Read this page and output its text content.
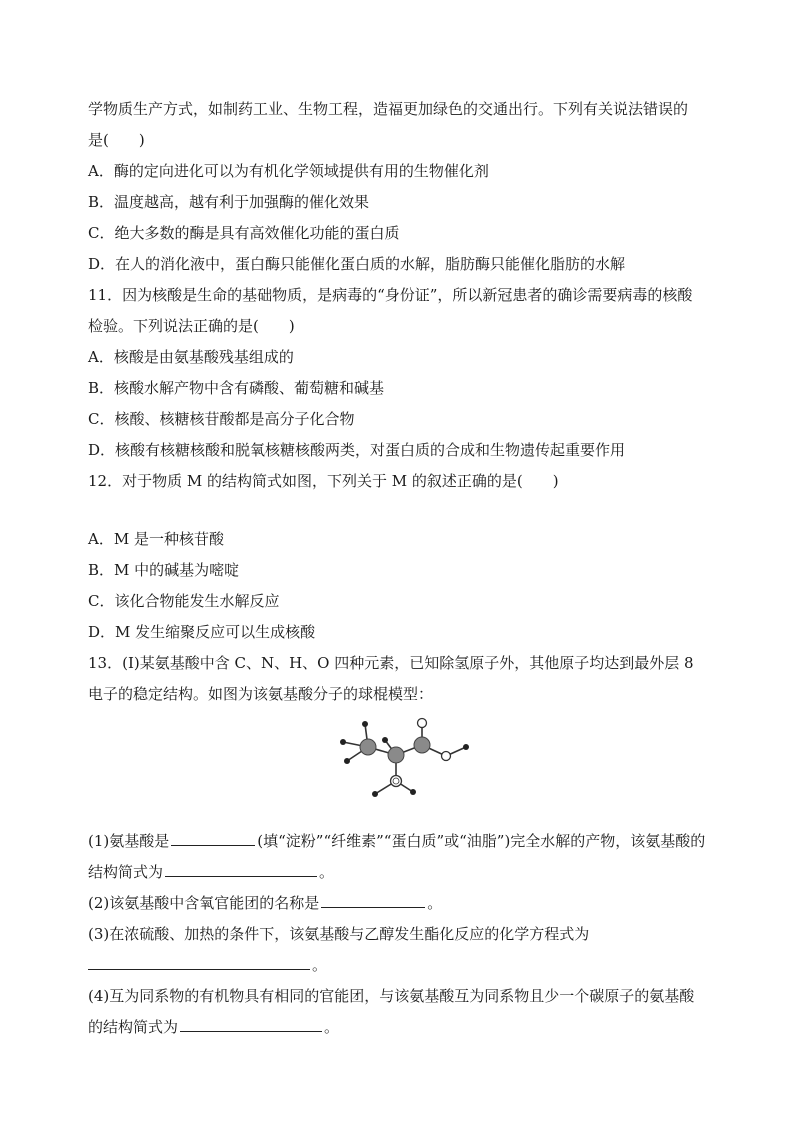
学物质生产方式，如制药工业、生物工程，造福更加绿色的交通出行。下列有关说法错误的
是(　　)
A．酶的定向进化可以为有机化学领域提供有用的生物催化剂
B．温度越高，越有利于加强酶的催化效果
C．绝大多数的酶是具有高效催化功能的蛋白质
D．在人的消化液中，蛋白酶只能催化蛋白质的水解，脂肪酶只能催化脂肪的水解
11．因为核酸是生命的基础物质，是病毒的“身份证”，所以新冠患者的确诊需要病毒的核酸
检验。下列说法正确的是(　　)
A．核酸是由氨基酸残基组成的
B．核酸水解产物中含有磷酸、葡萄糖和碱基
C．核酸、核糖核苷酸都是高分子化合物
D．核酸有核糖核酸和脱氧核糖核酸两类，对蛋白质的合成和生物遗传起重要作用
12．对于物质 M 的结构简式如图，下列关于 M 的叙述正确的是(　　)
A．M 是一种核苷酸
B．M 中的碱基为嘧啶
C．该化合物能发生水解反应
D．M 发生缩聚反应可以生成核酸
13．(Ⅰ)某氨基酸中含 C、N、H、O 四种元素，已知除氢原子外，其他原子均达到最外层 8
电子的稳定结构。如图为该氨基酸分子的球棍模型：
(1)氨基酸是	(填“淀粉”“纤维素”“蛋白质”或“油脂”)完全水解的产物，该氨基酸的
结构简式为	。
(2)该氨基酸中含氧官能团的名称是	。
(3)在浓硫酸、加热的条件下，该氨基酸与乙醇发生酯化反应的化学方程式为
。
(4)互为同系物的有机物具有相同的官能团，与该氨基酸互为同系物且少一个碳原子的氨基酸
的结构简式为	。
